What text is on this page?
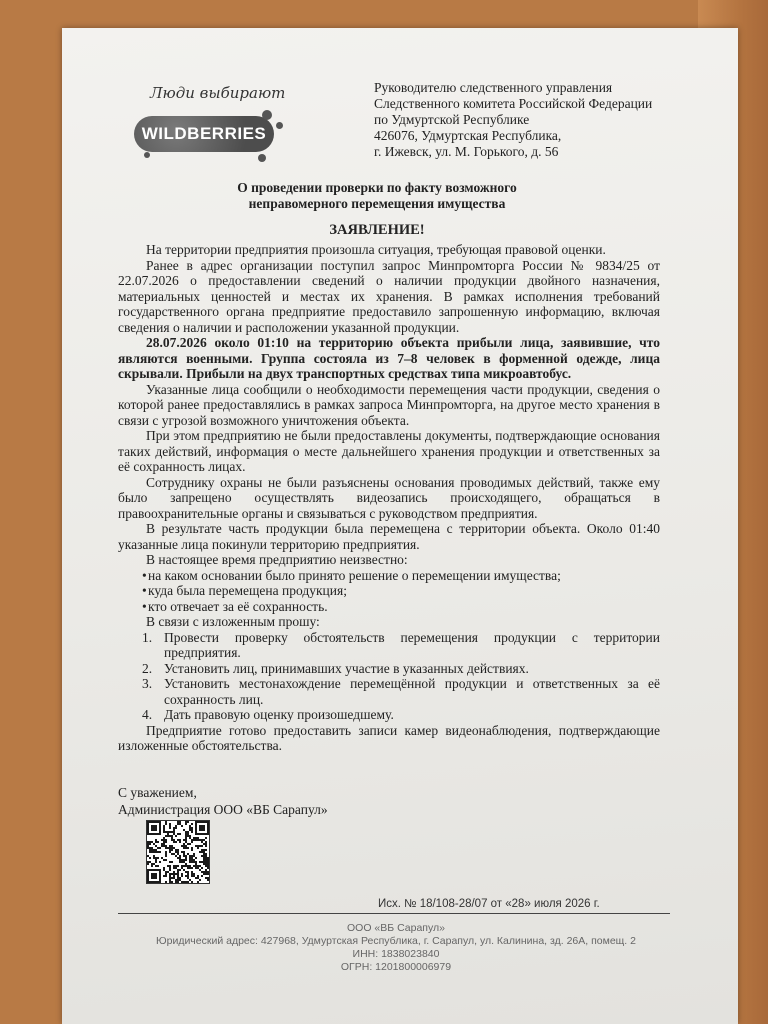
Люди выбирают
WILDBERRIES
Руководителю следственного управления
Следственного комитета Российской Федерации
по Удмуртской Республике
426076, Удмуртская Республика,
г. Ижевск, ул. М. Горького, д. 56
О проведении проверки по факту возможного неправомерного перемещения имущества
ЗАЯВЛЕНИЕ!

На территории предприятия произошла ситуация, требующая правовой оценки.

Ранее в адрес организации поступил запрос Минпромторга России № 9834/25 от 22.07.2026 о предоставлении сведений о наличии продукции двойного назначения, материальных ценностей и местах их хранения. В рамках исполнения требований государственного органа предприятие предоставило запрошенную информацию, включая сведения о наличии и расположении указанной продукции.

28.07.2026 около 01:10 на территорию объекта прибыли лица, заявившие, что являются военными. Группа состояла из 7–8 человек в форменной одежде, лица скрывали. Прибыли на двух транспортных средствах типа микроавтобус.

Указанные лица сообщили о необходимости перемещения части продукции, сведения о которой ранее предоставлялись в рамках запроса Минпромторга, на другое место хранения в связи с угрозой возможного уничтожения объекта.

При этом предприятию не были предоставлены документы, подтверждающие основания таких действий, информация о месте дальнейшего хранения продукции и ответственных за её сохранность лицах.

Сотруднику охраны не были разъяснены основания проводимых действий, также ему было запрещено осуществлять видеозапись происходящего, обращаться в правоохранительные органы и связываться с руководством предприятия.

В результате часть продукции была перемещена с территории объекта. Около 01:40 указанные лица покинули территорию предприятия.

В настоящее время предприятию неизвестно:

• на каком основании было принято решение о перемещении имущества;

• куда была перемещена продукция;

• кто отвечает за её сохранность.

В связи с изложенным прошу:

1. Провести проверку обстоятельств перемещения продукции с территории предприятия.

2. Установить лиц, принимавших участие в указанных действиях.

3. Установить местонахождение перемещённой продукции и ответственных за её сохранность лиц.

4. Дать правовую оценку произошедшему.

Предприятие готово предоставить записи камер видеонаблюдения, подтверждающие изложенные обстоятельства.

С уважением,
Администрация ООО «ВБ Сарапул»
Исх. № 18/108-28/07 от «28» июля 2026 г.
ООО «ВБ Сарапул»
Юридический адрес: 427968, Удмуртская Республика, г. Сарапул, ул. Калинина, зд. 26А, помещ. 2
ИНН: 1838023840
ОГРН: 1201800006979
